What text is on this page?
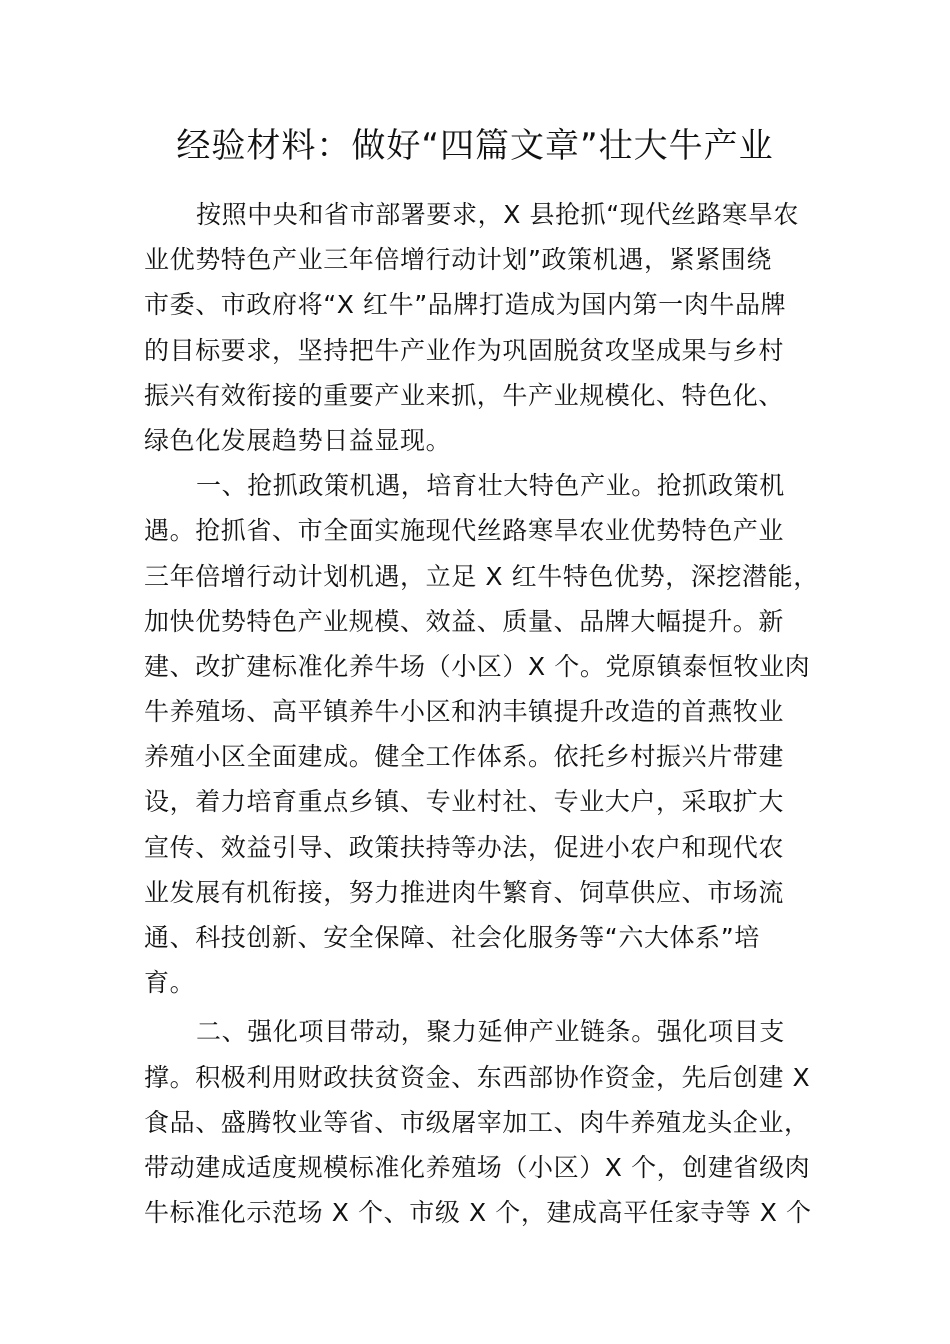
经验材料：做好“四篇文章”壮大牛产业
按照中央和省市部署要求，X 县抢抓“现代丝路寒旱农
业优势特色产业三年倍增行动计划”政策机遇，紧紧围绕
市委、市政府将“X 红牛”品牌打造成为国内第一肉牛品牌
的目标要求，坚持把牛产业作为巩固脱贫攻坚成果与乡村
振兴有效衔接的重要产业来抓，牛产业规模化、特色化、
绿色化发展趋势日益显现。
一、抢抓政策机遇，培育壮大特色产业。抢抓政策机
遇。抢抓省、市全面实施现代丝路寒旱农业优势特色产业
三年倍增行动计划机遇，立足 X 红牛特色优势，深挖潜能，
加快优势特色产业规模、效益、质量、品牌大幅提升。新
建、改扩建标准化养牛场（小区）X 个。党原镇泰恒牧业肉
牛养殖场、高平镇养牛小区和汭丰镇提升改造的首燕牧业
养殖小区全面建成。健全工作体系。依托乡村振兴片带建
设，着力培育重点乡镇、专业村社、专业大户，采取扩大
宣传、效益引导、政策扶持等办法，促进小农户和现代农
业发展有机衔接，努力推进肉牛繁育、饲草供应、市场流
通、科技创新、安全保障、社会化服务等“六大体系”培
育。
二、强化项目带动，聚力延伸产业链条。强化项目支
撑。积极利用财政扶贫资金、东西部协作资金，先后创建 X
食品、盛腾牧业等省、市级屠宰加工、肉牛养殖龙头企业，
带动建成适度规模标准化养殖场（小区）X 个，创建省级肉
牛标准化示范场 X 个、市级 X 个，建成高平任家寺等 X 个
